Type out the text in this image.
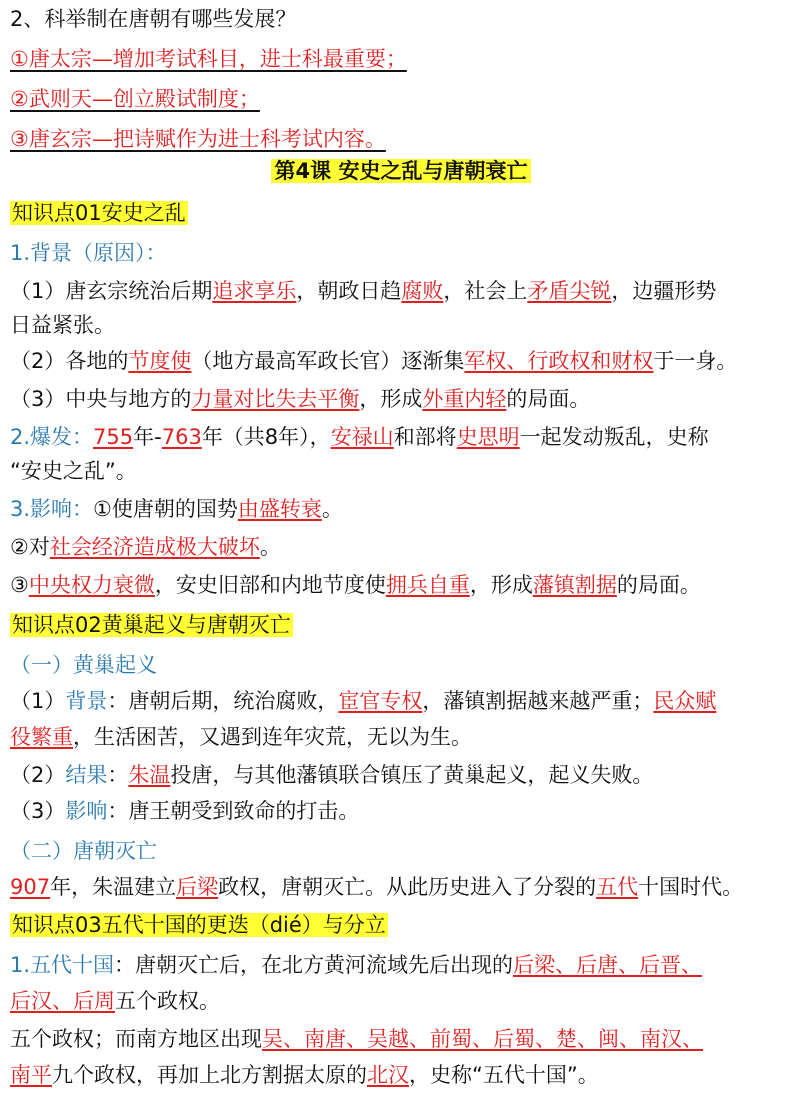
2、科举制在唐朝有哪些发展？
①唐太宗—增加考试科目，进士科最重要；
②武则天—创立殿试制度；
③唐玄宗—把诗赋作为进士科考试内容。
第4课 安史之乱与唐朝衰亡
知识点01安史之乱
1.背景（原因）：
（1）唐玄宗统治后期追求享乐，朝政日趋腐败，社会上矛盾尖锐，边疆形势
日益紧张。
（2）各地的节度使（地方最高军政长官）逐渐集军权、行政权和财权于一身。
（3）中央与地方的力量对比失去平衡，形成外重内轻的局面。
2.爆发：755年-763年（共8年），安禄山和部将史思明一起发动叛乱，史称
“安史之乱”。
3.影响：①使唐朝的国势由盛转衰。
②对社会经济造成极大破坏。
③中央权力衰微，安史旧部和内地节度使拥兵自重，形成藩镇割据的局面。
知识点02黄巢起义与唐朝灭亡
（一）黄巢起义
（1）背景：唐朝后期，统治腐败，宦官专权，藩镇割据越来越严重；民众赋
役繁重，生活困苦，又遇到连年灾荒，无以为生。
（2）结果：朱温投唐，与其他藩镇联合镇压了黄巢起义，起义失败。
（3）影响：唐王朝受到致命的打击。
（二）唐朝灭亡
907年，朱温建立后梁政权，唐朝灭亡。从此历史进入了分裂的五代十国时代。
知识点03五代十国的更迭（dié）与分立
1.五代十国：唐朝灭亡后，在北方黄河流域先后出现的后梁、后唐、后晋、
后汉、后周五个政权。
五个政权；而南方地区出现吴、南唐、吴越、前蜀、后蜀、楚、闽、南汉、
南平九个政权，再加上北方割据太原的北汉，史称“五代十国”。
